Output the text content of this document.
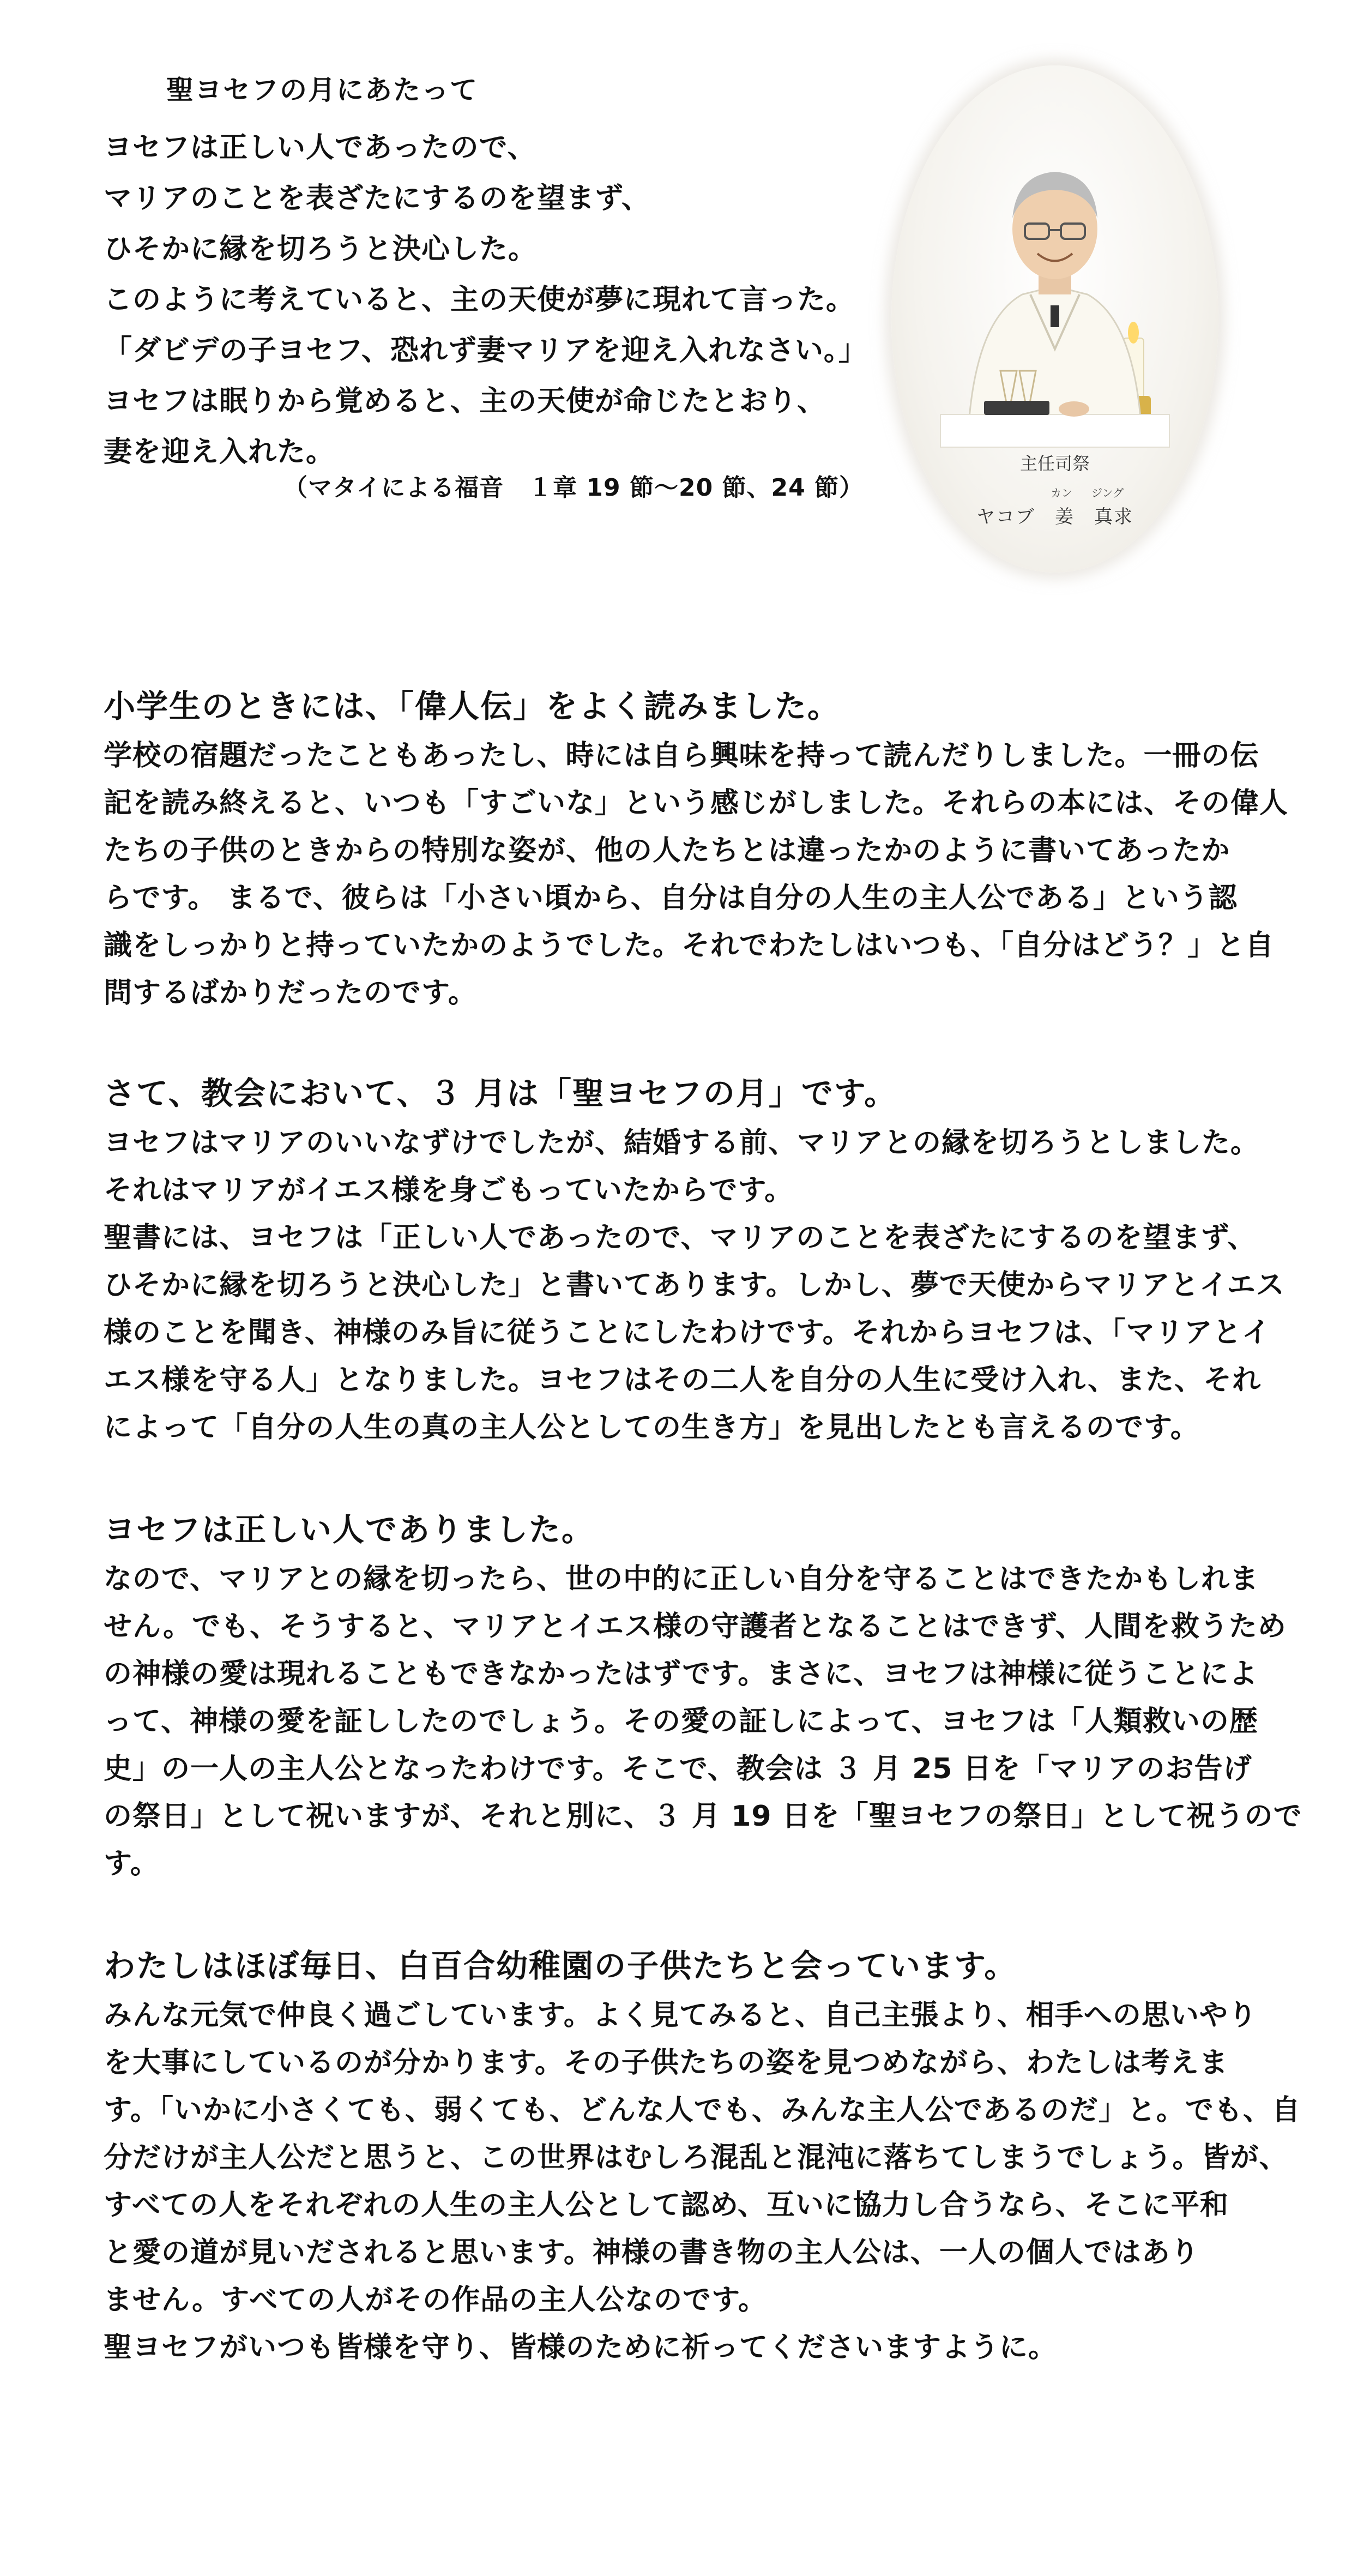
聖ヨセフの月にあたって
ヨセフは正しい人であったので、
マリアのことを表ざたにするのを望まず、
ひそかに縁を切ろうと決心した。
このように考えていると、主の天使が夢に現れて言った。
「ダビデの子ヨセフ、恐れず妻マリアを迎え入れなさい。」
ヨセフは眠りから覚めると、主の天使が命じたとおり、
妻を迎え入れた。
（マタイによる福音　１章 19 節～20 節、24 節）
主任司祭
カン ジング
ヤコブ　姜　真求
小学生のときには、「偉人伝」をよく読みました。
学校の宿題だったこともあったし、時には自ら興味を持って読んだりしました。一冊の伝
記を読み終えると、いつも「すごいな」という感じがしました。それらの本には、その偉人
たちの子供のときからの特別な姿が、他の人たちとは違ったかのように書いてあったか
らです。 まるで、彼らは「小さい頃から、自分は自分の人生の主人公である」という認
識をしっかりと持っていたかのようでした。それでわたしはいつも、「自分はどう？」と自
問するばかりだったのです。
さて、教会において、３ 月は「聖ヨセフの月」です。
ヨセフはマリアのいいなずけでしたが、結婚する前、マリアとの縁を切ろうとしました。
それはマリアがイエス様を身ごもっていたからです。
聖書には、ヨセフは「正しい人であったので、マリアのことを表ざたにするのを望まず、
ひそかに縁を切ろうと決心した」と書いてあります。しかし、夢で天使からマリアとイエス
様のことを聞き、神様のみ旨に従うことにしたわけです。それからヨセフは、「マリアとイ
エス様を守る人」となりました。ヨセフはその二人を自分の人生に受け入れ、また、それ
によって「自分の人生の真の主人公としての生き方」を見出したとも言えるのです。
ヨセフは正しい人でありました。
なので、マリアとの縁を切ったら、世の中的に正しい自分を守ることはできたかもしれま
せん。でも、そうすると、マリアとイエス様の守護者となることはできず、人間を救うため
の神様の愛は現れることもできなかったはずです。まさに、ヨセフは神様に従うことによ
って、神様の愛を証ししたのでしょう。その愛の証しによって、ヨセフは「人類救いの歴
史」の一人の主人公となったわけです。そこで、教会は ３ 月 25 日を「マリアのお告げ
の祭日」として祝いますが、それと別に、３ 月 19 日を「聖ヨセフの祭日」として祝うので
す。
わたしはほぼ毎日、白百合幼稚園の子供たちと会っています。
みんな元気で仲良く過ごしています。よく見てみると、自己主張より、相手への思いやり
を大事にしているのが分かります。その子供たちの姿を見つめながら、わたしは考えま
す。「いかに小さくても、弱くても、どんな人でも、みんな主人公であるのだ」と。でも、自
分だけが主人公だと思うと、この世界はむしろ混乱と混沌に落ちてしまうでしょう。皆が、
すべての人をそれぞれの人生の主人公として認め、互いに協力し合うなら、そこに平和
と愛の道が見いだされると思います。神様の書き物の主人公は、一人の個人ではあり
ません。すべての人がその作品の主人公なのです。
聖ヨセフがいつも皆様を守り、皆様のために祈ってくださいますように。
